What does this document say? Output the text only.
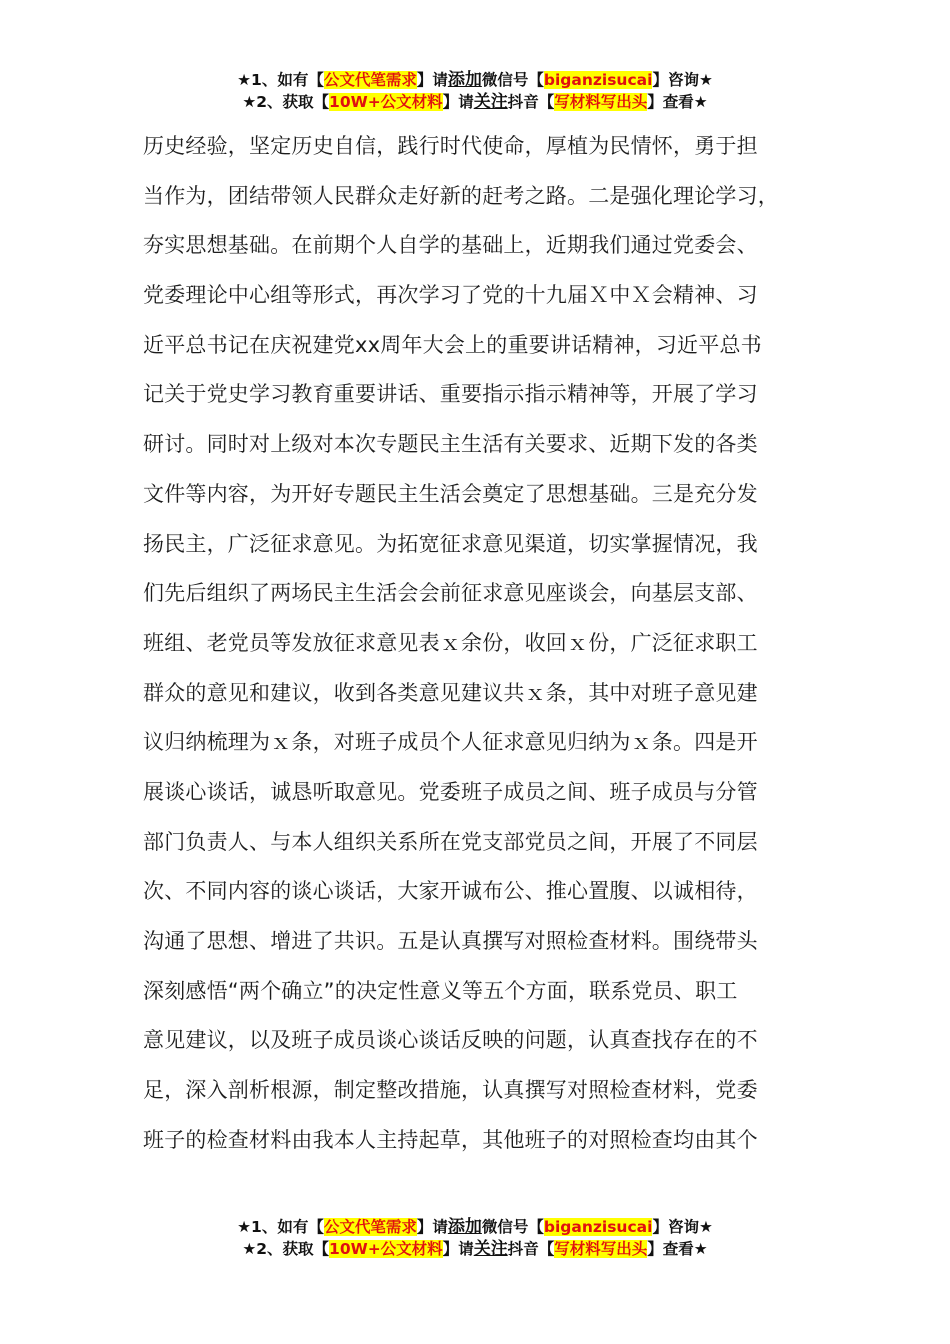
★1、如有【公文代笔需求】请添加微信号【biganzisucai】咨询★
★2、获取【10W+公文材料】请关注抖音【写材料写出头】查看★
历史经验，坚定历史自信，践行时代使命，厚植为民情怀，勇于担
当作为，团结带领人民群众走好新的赶考之路。二是强化理论学习，
夯实思想基础。在前期个人自学的基础上，近期我们通过党委会、
党委理论中心组等形式，再次学习了党的十九届Ｘ中Ｘ会精神、习
近平总书记在庆祝建党xx周年大会上的重要讲话精神，习近平总书
记关于党史学习教育重要讲话、重要指示指示精神等，开展了学习
研讨。同时对上级对本次专题民主生活有关要求、近期下发的各类
文件等内容，为开好专题民主生活会奠定了思想基础。三是充分发
扬民主，广泛征求意见。为拓宽征求意见渠道，切实掌握情况，我
们先后组织了两场民主生活会会前征求意见座谈会，向基层支部、
班组、老党员等发放征求意见表ｘ余份，收回ｘ份，广泛征求职工
群众的意见和建议，收到各类意见建议共ｘ条，其中对班子意见建
议归纳梳理为ｘ条，对班子成员个人征求意见归纳为ｘ条。四是开
展谈心谈话，诚恳听取意见。党委班子成员之间、班子成员与分管
部门负责人、与本人组织关系所在党支部党员之间，开展了不同层
次、不同内容的谈心谈话，大家开诚布公、推心置腹、以诚相待，
沟通了思想、增进了共识。五是认真撰写对照检查材料。围绕带头
深刻感悟“两个确立”的决定性意义等五个方面，联系党员、职工
意见建议，以及班子成员谈心谈话反映的问题，认真查找存在的不
足，深入剖析根源，制定整改措施，认真撰写对照检查材料，党委
班子的检查材料由我本人主持起草，其他班子的对照检查均由其个
★1、如有【公文代笔需求】请添加微信号【biganzisucai】咨询★
★2、获取【10W+公文材料】请关注抖音【写材料写出头】查看★
